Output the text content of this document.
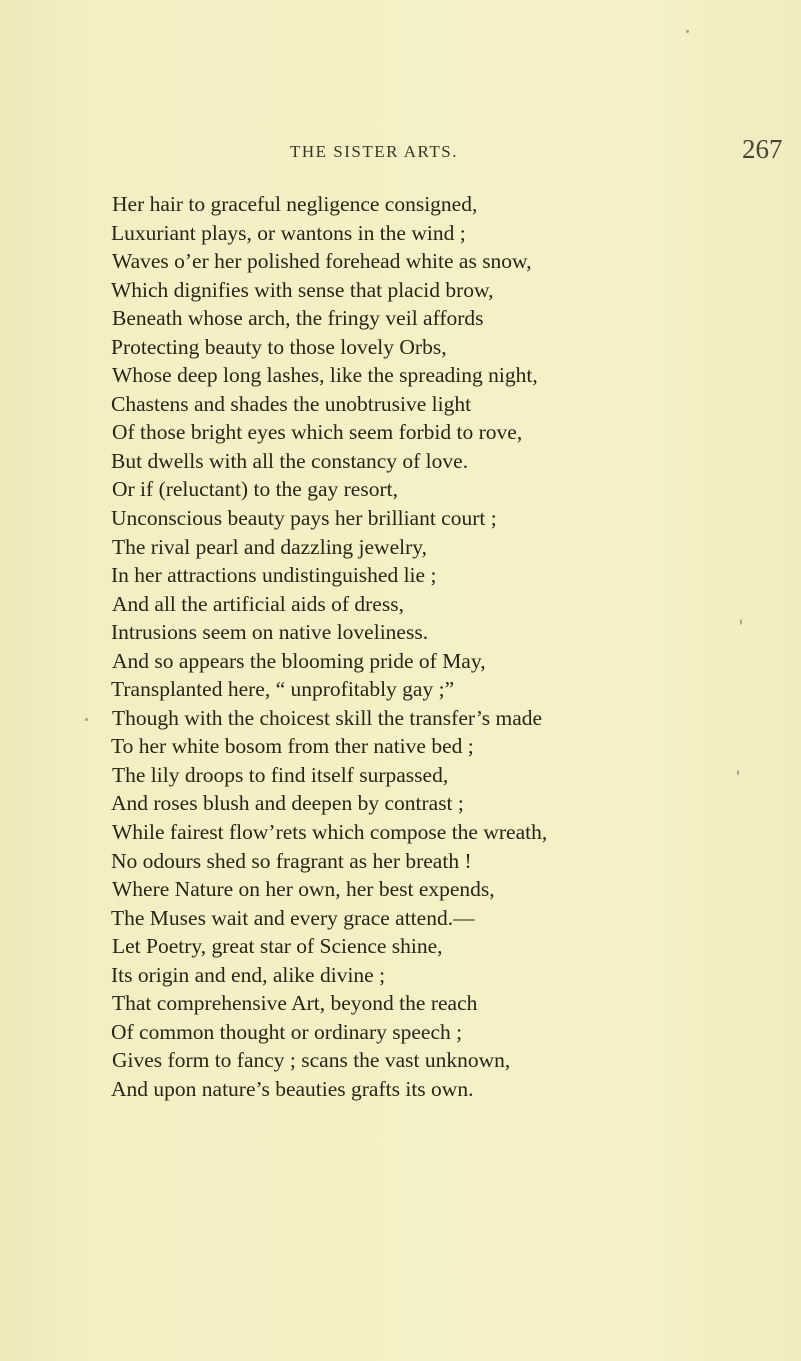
THE SISTER ARTS.	267
Her hair to graceful negligence consigned,
Luxuriant plays, or wantons in the wind ;
Waves o’er her polished forehead white as snow,
Which dignifies with sense that placid brow,
Beneath whose arch, the fringy veil affords
Protecting beauty to those lovely Orbs,
Whose deep long lashes, like the spreading night,
Chastens and shades the unobtrusive light
Of those bright eyes which seem forbid to rove,
But dwells with all the constancy of love.
Or if (reluctant) to the gay resort,
Unconscious beauty pays her brilliant court ;
The rival pearl and dazzling jewelry,
In her attractions undistinguished lie ;
And all the artificial aids of dress,
Intrusions seem on native loveliness.
And so appears the blooming pride of May,
Transplanted here, “ unprofitably gay ;”
Though with the choicest skill the transfer’s made
To her white bosom from ther native bed ;
The lily droops to find itself surpassed,
And roses blush and deepen by contrast ;
While fairest flow’rets which compose the wreath,
No odours shed so fragrant as her breath !
Where Nature on her own, her best expends,
The Muses wait and every grace attend.—
Let Poetry, great star of Science shine,
Its origin and end, alike divine ;
That comprehensive Art, beyond the reach
Of common thought or ordinary speech ;
Gives form to fancy ; scans the vast unknown,
And upon nature’s beauties grafts its own.
